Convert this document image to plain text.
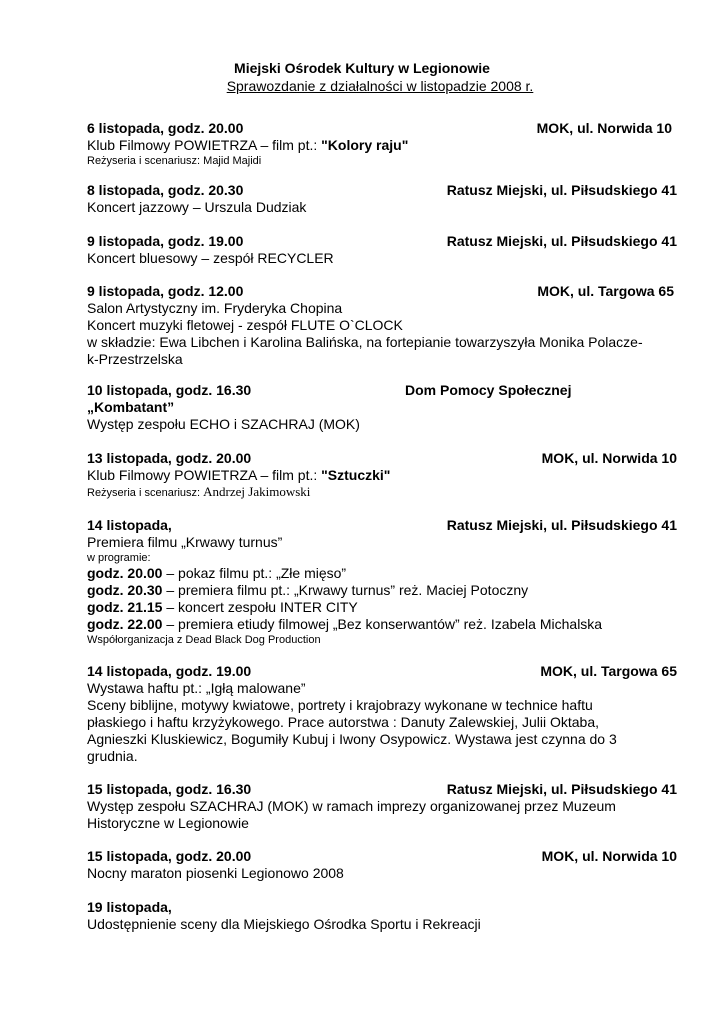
Miejski Ośrodek Kultury w Legionowie
Sprawozdanie z działalności w listopadzie 2008 r.
6 listopada, godz. 20.00	MOK, ul. Norwida 10
Klub Filmowy POWIETRZA – film pt.: "Kolory raju"
Reżyseria i scenariusz: Majid Majidi
8 listopada, godz. 20.30	Ratusz Miejski, ul. Piłsudskiego 41
Koncert jazzowy – Urszula Dudziak
9 listopada, godz. 19.00	Ratusz Miejski, ul. Piłsudskiego 41
Koncert bluesowy – zespół RECYCLER
9 listopada, godz. 12.00	MOK, ul. Targowa 65
Salon Artystyczny im. Fryderyka Chopina
Koncert muzyki fletowej - zespół FLUTE O`CLOCK
w składzie: Ewa Libchen i Karolina Balińska, na fortepianie towarzyszyła Monika Polacze-
k-Przestrzelska
10 listopada, godz. 16.30	Dom Pomocy Społecznej
„Kombatant”
Występ zespołu ECHO i SZACHRAJ (MOK)
13 listopada, godz. 20.00	MOK, ul. Norwida 10
Klub Filmowy POWIETRZA – film pt.: "Sztuczki"
Reżyseria i scenariusz: Andrzej Jakimowski
14 listopada,	Ratusz Miejski, ul. Piłsudskiego 41
Premiera filmu „Krwawy turnus”
w programie:
godz. 20.00 – pokaz filmu pt.: „Złe mięso”
godz. 20.30 – premiera filmu pt.: „Krwawy turnus” reż. Maciej Potoczny
godz. 21.15 – koncert zespołu INTER CITY
godz. 22.00 – premiera etiudy filmowej „Bez konserwantów” reż. Izabela Michalska
Współorganizacja z Dead Black Dog Production
14 listopada, godz. 19.00	MOK, ul. Targowa 65
Wystawa haftu pt.: „Igłą malowane”
Sceny biblijne, motywy kwiatowe, portrety i krajobrazy wykonane w technice haftu
płaskiego i haftu krzyżykowego. Prace autorstwa : Danuty Zalewskiej, Julii Oktaba,
Agnieszki Kluskiewicz, Bogumiły Kubuj i Iwony Osypowicz. Wystawa jest czynna do 3
grudnia.
15 listopada, godz. 16.30	Ratusz Miejski, ul. Piłsudskiego 41
Występ zespołu SZACHRAJ (MOK) w ramach imprezy organizowanej przez Muzeum
Historyczne w Legionowie
15 listopada, godz. 20.00	MOK, ul. Norwida 10
Nocny maraton piosenki Legionowo 2008
19 listopada,
Udostępnienie sceny dla Miejskiego Ośrodka Sportu i Rekreacji
